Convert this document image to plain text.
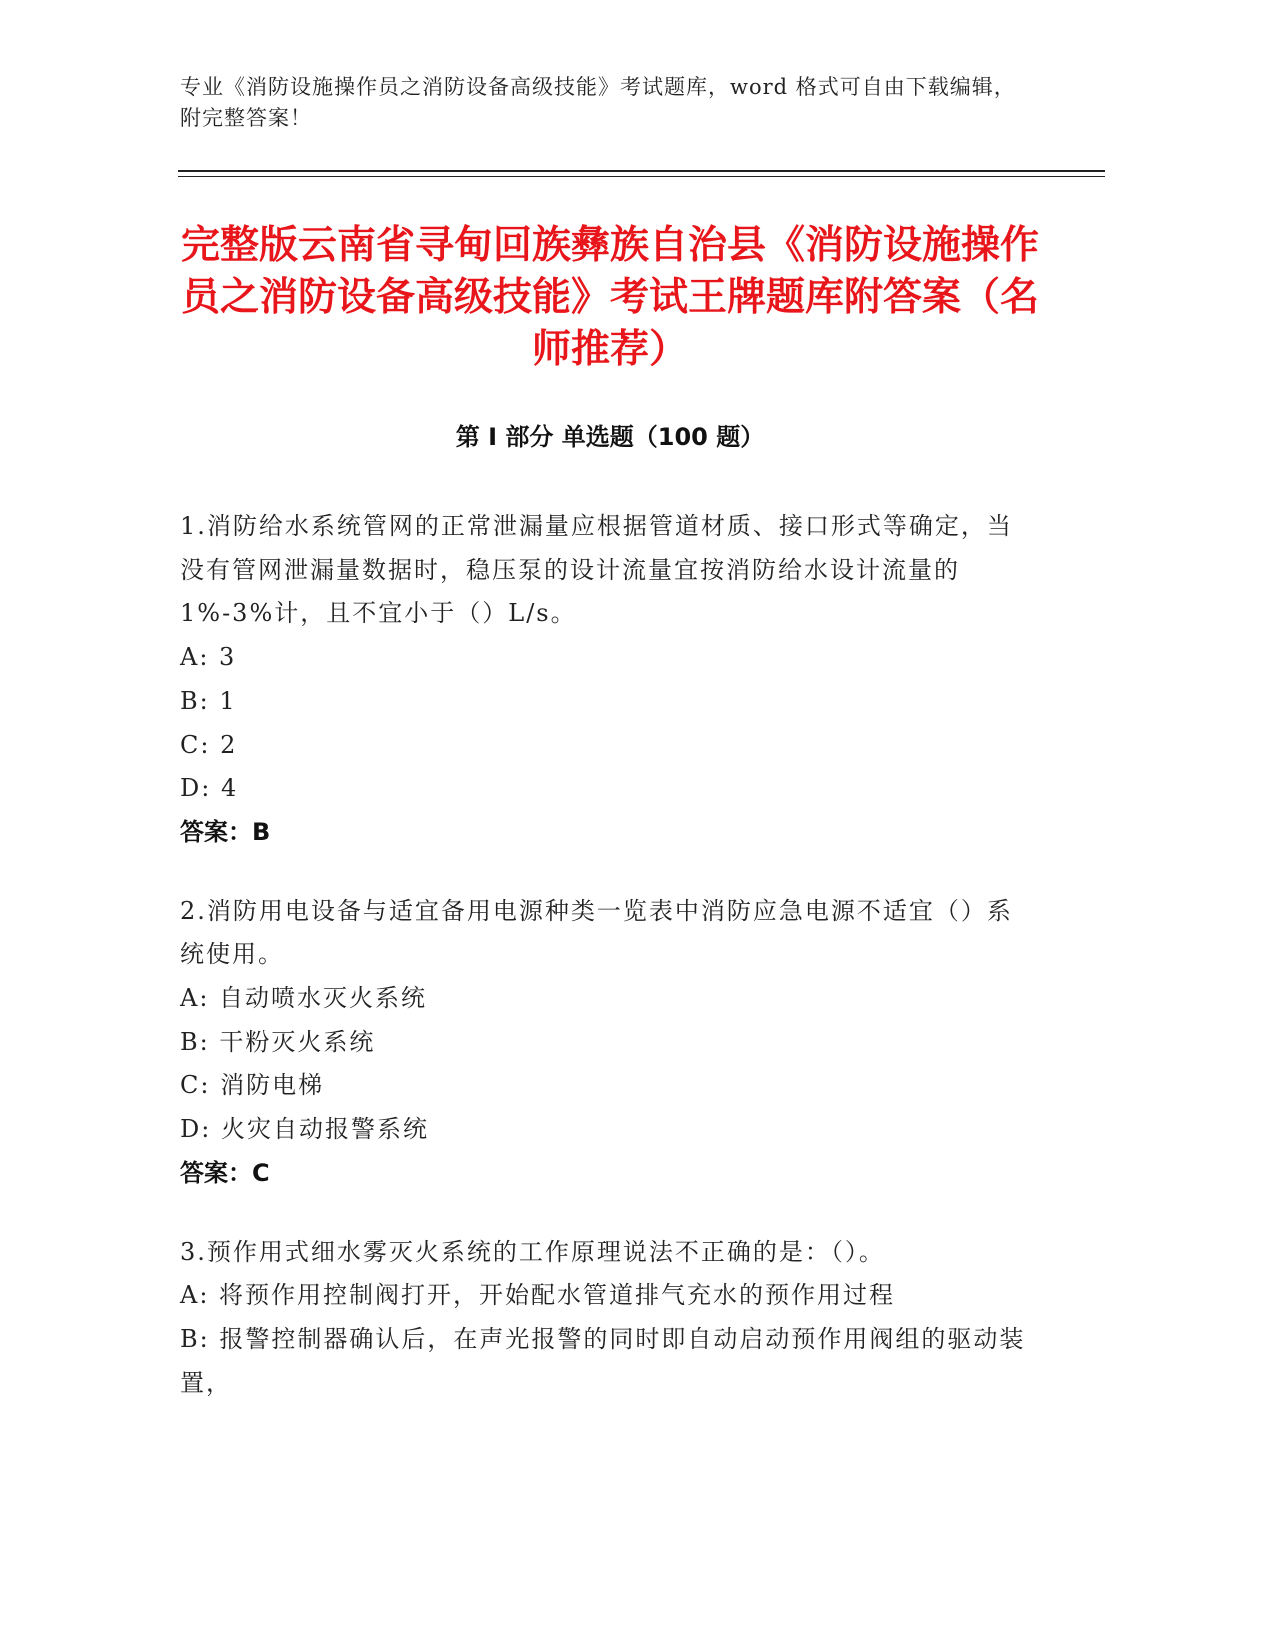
专业《消防设施操作员之消防设备高级技能》考试题库，word 格式可自由下载编辑，附完整答案！
完整版云南省寻甸回族彝族自治县《消防设施操作员之消防设备高级技能》考试王牌题库附答案（名师推荐）
第 I 部分 单选题（100 题）

1.消防给水系统管网的正常泄漏量应根据管道材质、接口形式等确定，当没有管网泄漏量数据时，稳压泵的设计流量宜按消防给水设计流量的 1%-3%计，且不宜小于（）L/s。

A: 3

B: 1

C: 2

D: 4

答案：B

2.消防用电设备与适宜备用电源种类一览表中消防应急电源不适宜（）系统使用。

A: 自动喷水灭火系统

B: 干粉灭火系统

C: 消防电梯

D: 火灾自动报警系统

答案：C

3.预作用式细水雾灭火系统的工作原理说法不正确的是：（）。

A: 将预作用控制阀打开，开始配水管道排气充水的预作用过程

B: 报警控制器确认后，在声光报警的同时即自动启动预作用阀组的驱动装置，
